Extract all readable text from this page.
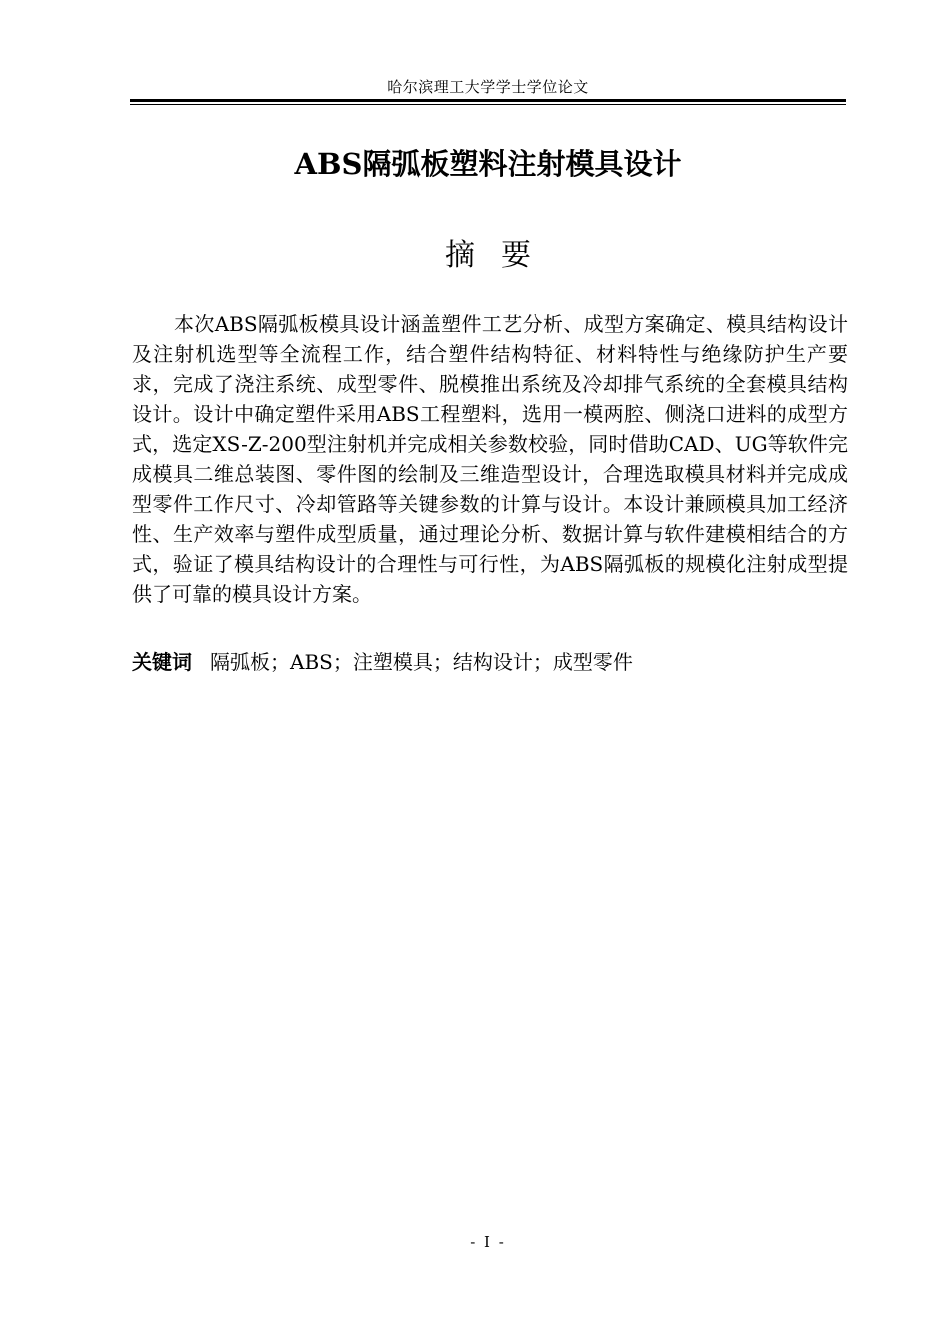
哈尔滨理工大学学士学位论文
ABS隔弧板塑料注射模具设计
摘要

本次ABS隔弧板模具设计涵盖塑件工艺分析、成型方案确定、模具结构设计及注射机选型等全流程工作，结合塑件结构特征、材料特性与绝缘防护生产要求，完成了浇注系统、成型零件、脱模推出系统及冷却排气系统的全套模具结构设计。设计中确定塑件采用ABS工程塑料，选用一模两腔、侧浇口进料的成型方式，选定XS-Z-200型注射机并完成相关参数校验，同时借助CAD、UG等软件完成模具二维总装图、零件图的绘制及三维造型设计，合理选取模具材料并完成成型零件工作尺寸、冷却管路等关键参数的计算与设计。本设计兼顾模具加工经济性、生产效率与塑件成型质量，通过理论分析、数据计算与软件建模相结合的方式，验证了模具结构设计的合理性与可行性，为ABS隔弧板的规模化注射成型提供了可靠的模具设计方案。

关键词 隔弧板；ABS；注塑模具；结构设计；成型零件
- I -
